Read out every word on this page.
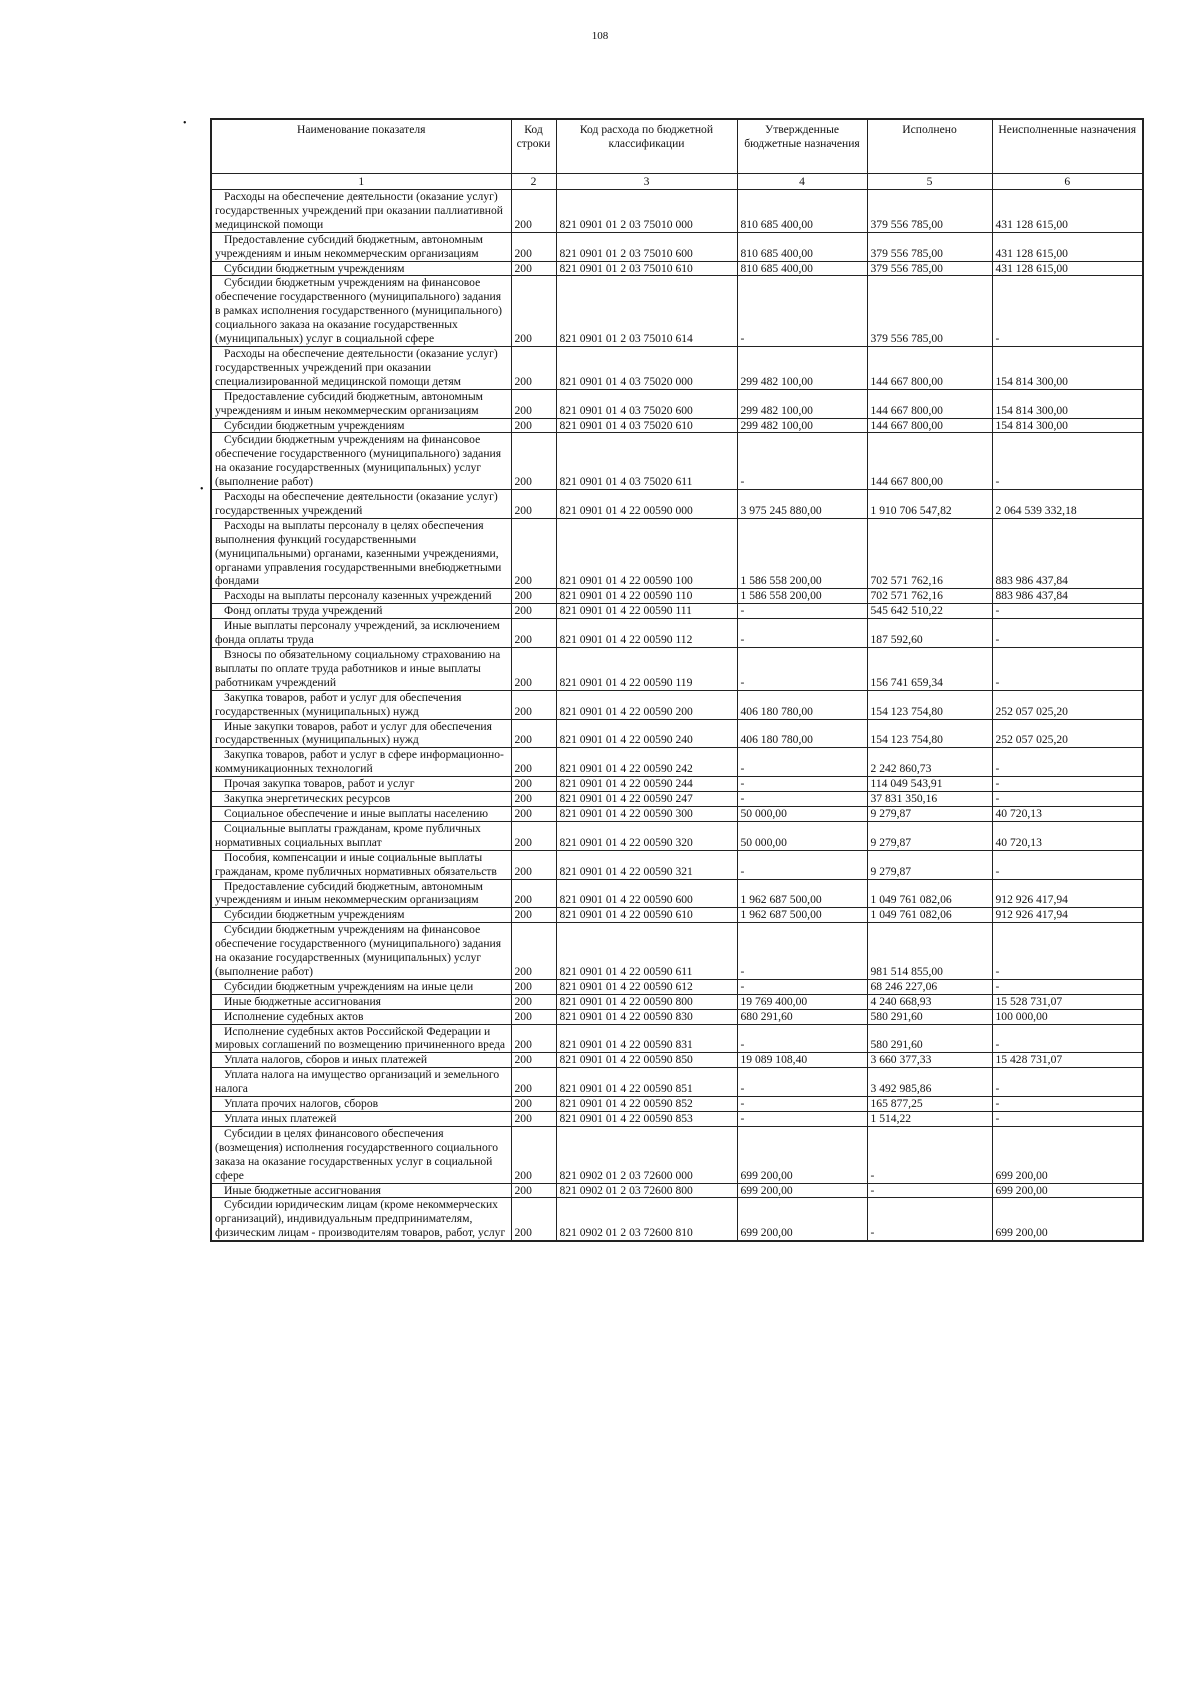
108
•
•
Наименование показателя	Код строки	Код расхода по бюджетной классификации	Утвержденные бюджетные назначения	Исполнено	Неисполненные назначения
1	2	3	4	5	6
Расходы на обеспечение деятельности (оказание услуг) государственных учреждений при оказании паллиативной медицинской помощи	200	821 0901 01 2 03 75010 000	810 685 400,00	379 556 785,00	431 128 615,00
Предоставление субсидий бюджетным, автономным учреждениям и иным некоммерческим организациям	200	821 0901 01 2 03 75010 600	810 685 400,00	379 556 785,00	431 128 615,00
Субсидии бюджетным учреждениям	200	821 0901 01 2 03 75010 610	810 685 400,00	379 556 785,00	431 128 615,00
Субсидии бюджетным учреждениям на финансовое обеспечение государственного (муниципального) задания в рамках исполнения государственного (муниципального) социального заказа на оказание государственных (муниципальных) услуг в социальной сфере	200	821 0901 01 2 03 75010 614	-	379 556 785,00	-
Расходы на обеспечение деятельности (оказание услуг) государственных учреждений при оказании специализированной медицинской помощи детям	200	821 0901 01 4 03 75020 000	299 482 100,00	144 667 800,00	154 814 300,00
Предоставление субсидий бюджетным, автономным учреждениям и иным некоммерческим организациям	200	821 0901 01 4 03 75020 600	299 482 100,00	144 667 800,00	154 814 300,00
Субсидии бюджетным учреждениям	200	821 0901 01 4 03 75020 610	299 482 100,00	144 667 800,00	154 814 300,00
Субсидии бюджетным учреждениям на финансовое обеспечение государственного (муниципального) задания на оказание государственных (муниципальных) услуг (выполнение работ)	200	821 0901 01 4 03 75020 611	-	144 667 800,00	-
Расходы на обеспечение деятельности (оказание услуг) государственных учреждений	200	821 0901 01 4 22 00590 000	3 975 245 880,00	1 910 706 547,82	2 064 539 332,18
Расходы на выплаты персоналу в целях обеспечения выполнения функций государственными (муниципальными) органами, казенными учреждениями, органами управления государственными внебюджетными фондами	200	821 0901 01 4 22 00590 100	1 586 558 200,00	702 571 762,16	883 986 437,84
Расходы на выплаты персоналу казенных учреждений	200	821 0901 01 4 22 00590 110	1 586 558 200,00	702 571 762,16	883 986 437,84
Фонд оплаты труда учреждений	200	821 0901 01 4 22 00590 111	-	545 642 510,22	-
Иные выплаты персоналу учреждений, за исключением фонда оплаты труда	200	821 0901 01 4 22 00590 112	-	187 592,60	-
Взносы по обязательному социальному страхованию на выплаты по оплате труда работников и иные выплаты работникам учреждений	200	821 0901 01 4 22 00590 119	-	156 741 659,34	-
Закупка товаров, работ и услуг для обеспечения государственных (муниципальных) нужд	200	821 0901 01 4 22 00590 200	406 180 780,00	154 123 754,80	252 057 025,20
Иные закупки товаров, работ и услуг для обеспечения государственных (муниципальных) нужд	200	821 0901 01 4 22 00590 240	406 180 780,00	154 123 754,80	252 057 025,20
Закупка товаров, работ и услуг в сфере информационно-коммуникационных технологий	200	821 0901 01 4 22 00590 242	-	2 242 860,73	-
Прочая закупка товаров, работ и услуг	200	821 0901 01 4 22 00590 244	-	114 049 543,91	-
Закупка энергетических ресурсов	200	821 0901 01 4 22 00590 247	-	37 831 350,16	-
Социальное обеспечение и иные выплаты населению	200	821 0901 01 4 22 00590 300	50 000,00	9 279,87	40 720,13
Социальные выплаты гражданам, кроме публичных нормативных социальных выплат	200	821 0901 01 4 22 00590 320	50 000,00	9 279,87	40 720,13
Пособия, компенсации и иные социальные выплаты гражданам, кроме публичных нормативных обязательств	200	821 0901 01 4 22 00590 321	-	9 279,87	-
Предоставление субсидий бюджетным, автономным учреждениям и иным некоммерческим организациям	200	821 0901 01 4 22 00590 600	1 962 687 500,00	1 049 761 082,06	912 926 417,94
Субсидии бюджетным учреждениям	200	821 0901 01 4 22 00590 610	1 962 687 500,00	1 049 761 082,06	912 926 417,94
Субсидии бюджетным учреждениям на финансовое обеспечение государственного (муниципального) задания на оказание государственных (муниципальных) услуг (выполнение работ)	200	821 0901 01 4 22 00590 611	-	981 514 855,00	-
Субсидии бюджетным учреждениям на иные цели	200	821 0901 01 4 22 00590 612	-	68 246 227,06	-
Иные бюджетные ассигнования	200	821 0901 01 4 22 00590 800	19 769 400,00	4 240 668,93	15 528 731,07
Исполнение судебных актов	200	821 0901 01 4 22 00590 830	680 291,60	580 291,60	100 000,00
Исполнение судебных актов Российской Федерации и мировых соглашений по возмещению причиненного вреда	200	821 0901 01 4 22 00590 831	-	580 291,60	-
Уплата налогов, сборов и иных платежей	200	821 0901 01 4 22 00590 850	19 089 108,40	3 660 377,33	15 428 731,07
Уплата налога на имущество организаций и земельного налога	200	821 0901 01 4 22 00590 851	-	3 492 985,86	-
Уплата прочих налогов, сборов	200	821 0901 01 4 22 00590 852	-	165 877,25	-
Уплата иных платежей	200	821 0901 01 4 22 00590 853	-	1 514,22	-
Субсидии в целях финансового обеспечения (возмещения) исполнения государственного социального заказа на оказание государственных услуг в социальной сфере	200	821 0902 01 2 03 72600 000	699 200,00	-	699 200,00
Иные бюджетные ассигнования	200	821 0902 01 2 03 72600 800	699 200,00	-	699 200,00
Субсидии юридическим лицам (кроме некоммерческих организаций), индивидуальным предпринимателям, физическим лицам - производителям товаров, работ, услуг	200	821 0902 01 2 03 72600 810	699 200,00	-	699 200,00
